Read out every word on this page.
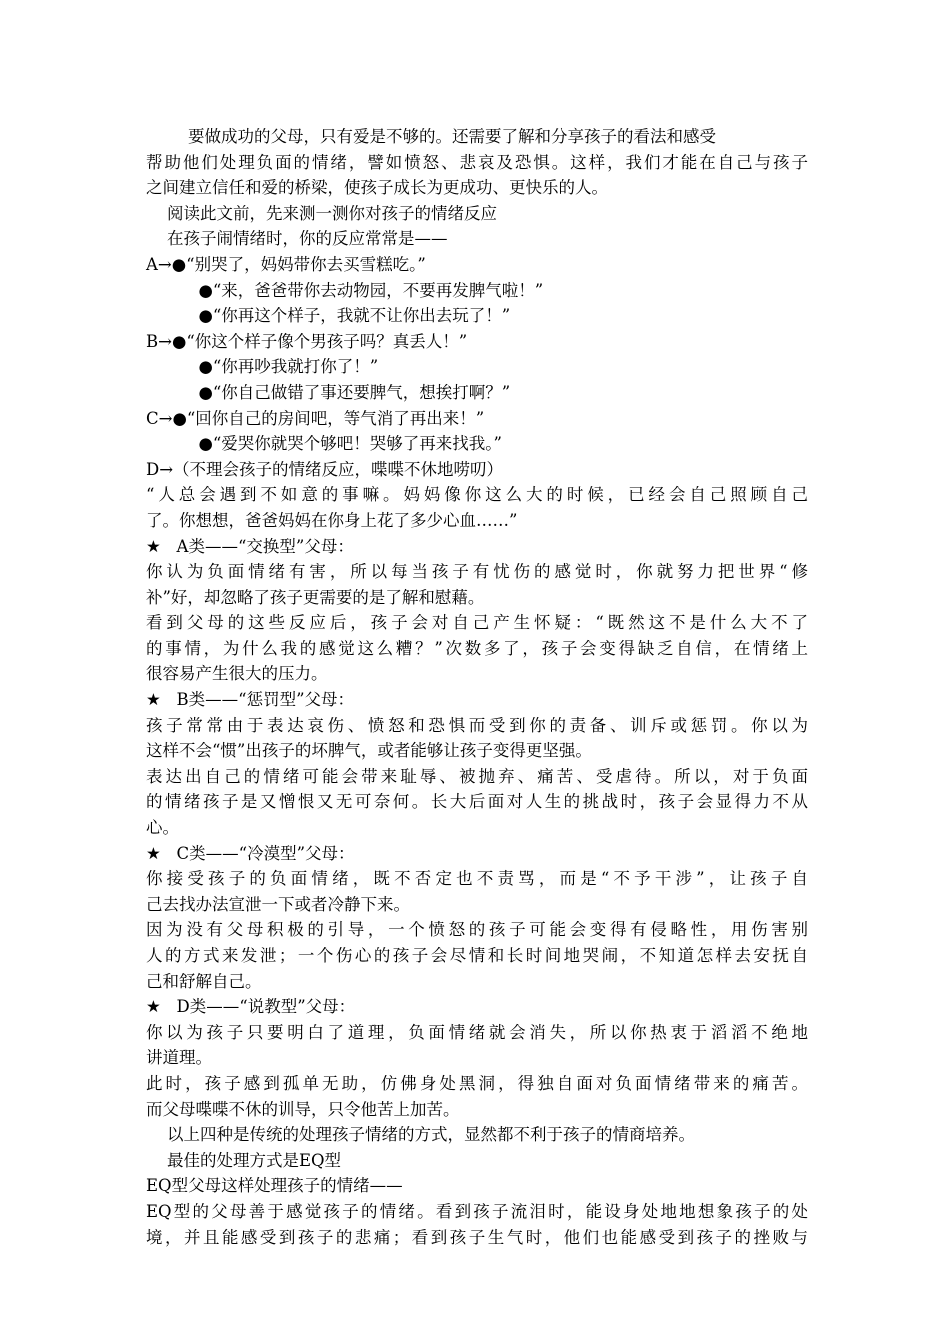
要做成功的父母，只有爱是不够的。还需要了解和分享孩子的看法和感受
帮助他们处理负面的情绪，譬如愤怒、悲哀及恐惧。这样，我们才能在自己与孩子
之间建立信任和爱的桥梁，使孩子成长为更成功、更快乐的人。
阅读此文前，先来测一测你对孩子的情绪反应
在孩子闹情绪时，你的反应常常是——
A→●“别哭了，妈妈带你去买雪糕吃。”
●“来，爸爸带你去动物园，不要再发脾气啦！”
●“你再这个样子，我就不让你出去玩了！”
B→●“你这个样子像个男孩子吗？真丢人！”
●“你再吵我就打你了！”
●“你自己做错了事还要脾气，想挨打啊？”
C→●“回你自己的房间吧，等气消了再出来！”
●“爱哭你就哭个够吧！哭够了再来找我。”
D→（不理会孩子的情绪反应，喋喋不休地唠叨）
“人总会遇到不如意的事嘛。妈妈像你这么大的时候，已经会自己照顾自己
了。你想想，爸爸妈妈在你身上花了多少心血……”
★   A类——“交换型”父母：
你认为负面情绪有害，所以每当孩子有忧伤的感觉时，你就努力把世界“修
补”好，却忽略了孩子更需要的是了解和慰藉。
看到父母的这些反应后，孩子会对自己产生怀疑：“既然这不是什么大不了
的事情，为什么我的感觉这么糟？”次数多了，孩子会变得缺乏自信，在情绪上
很容易产生很大的压力。
★   B类——“惩罚型”父母：
孩子常常由于表达哀伤、愤怒和恐惧而受到你的责备、训斥或惩罚。你以为
这样不会“惯”出孩子的坏脾气，或者能够让孩子变得更坚强。
表达出自己的情绪可能会带来耻辱、被抛弃、痛苦、受虐待。所以，对于负面
的情绪孩子是又憎恨又无可奈何。长大后面对人生的挑战时，孩子会显得力不从
心。
★   C类——“冷漠型”父母：
你接受孩子的负面情绪，既不否定也不责骂，而是“不予干涉”，让孩子自
己去找办法宣泄一下或者冷静下来。
因为没有父母积极的引导，一个愤怒的孩子可能会变得有侵略性，用伤害别
人的方式来发泄；一个伤心的孩子会尽情和长时间地哭闹，不知道怎样去安抚自
己和舒解自己。
★   D类——“说教型”父母：
你以为孩子只要明白了道理，负面情绪就会消失，所以你热衷于滔滔不绝地
讲道理。
此时，孩子感到孤单无助，仿佛身处黑洞，得独自面对负面情绪带来的痛苦。
而父母喋喋不休的训导，只令他苦上加苦。
以上四种是传统的处理孩子情绪的方式，显然都不利于孩子的情商培养。
最佳的处理方式是EQ型
EQ型父母这样处理孩子的情绪——
EQ型的父母善于感觉孩子的情绪。看到孩子流泪时，能设身处地地想象孩子的处
境，并且能感受到孩子的悲痛；看到孩子生气时，他们也能感受到孩子的挫败与
